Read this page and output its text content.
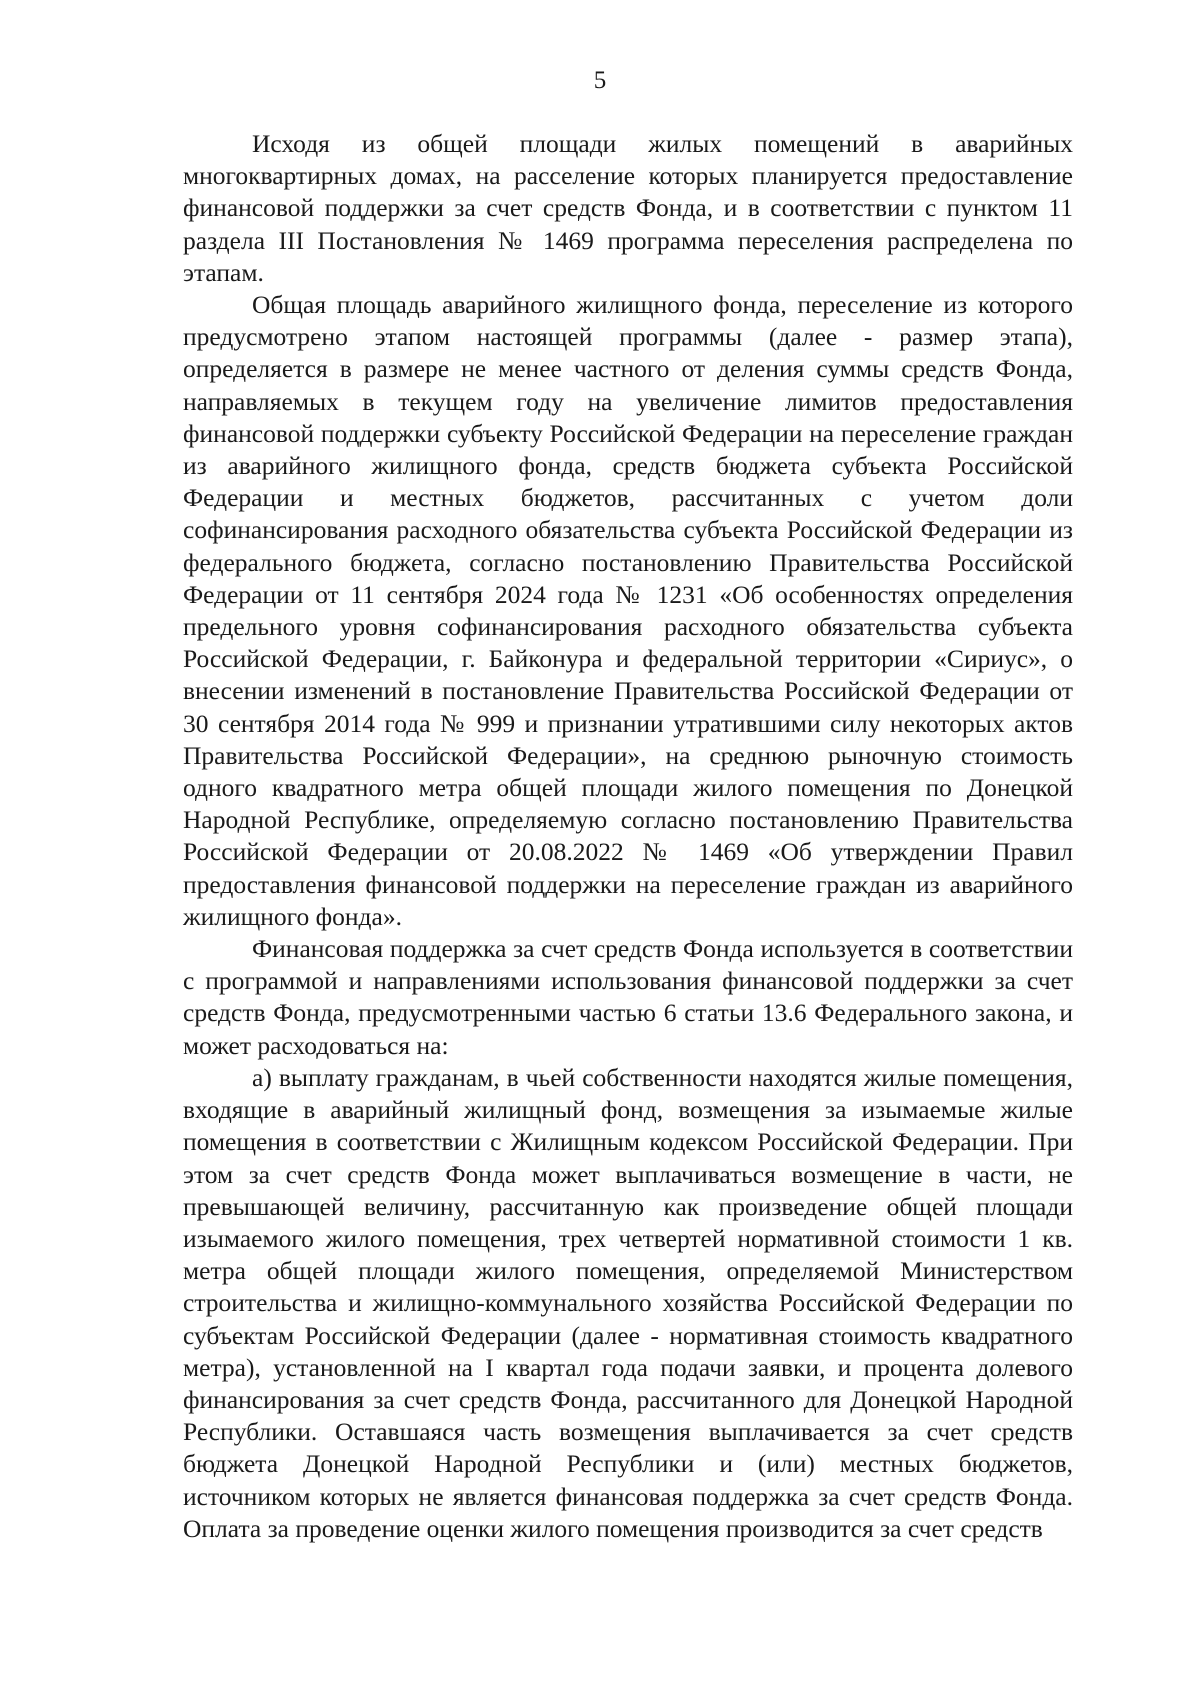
5

Исходя из общей площади жилых помещений в аварийных многоквартирных домах, на расселение которых планируется предоставление финансовой поддержки за счет средств Фонда, и в соответствии с пунктом 11 раздела III Постановления № 1469 программа переселения распределена по этапам.

Общая площадь аварийного жилищного фонда, переселение из которого предусмотрено этапом настоящей программы (далее - размер этапа), определяется в размере не менее частного от деления суммы средств Фонда, направляемых в текущем году на увеличение лимитов предоставления финансовой поддержки субъекту Российской Федерации на переселение граждан из аварийного жилищного фонда, средств бюджета субъекта Российской Федерации и местных бюджетов, рассчитанных с учетом доли софинансирования расходного обязательства субъекта Российской Федерации из федерального бюджета, согласно постановлению Правительства Российской Федерации от 11 сентября 2024 года № 1231 «Об особенностях определения предельного уровня софинансирования расходного обязательства субъекта Российской Федерации, г. Байконура и федеральной территории «Сириус», о внесении изменений в постановление Правительства Российской Федерации от 30 сентября 2014 года № 999 и признании утратившими силу некоторых актов Правительства Российской Федерации», на среднюю рыночную стоимость одного квадратного метра общей площади жилого помещения по Донецкой Народной Республике, определяемую согласно постановлению Правительства Российской Федерации от 20.08.2022 № 1469 «Об утверждении Правил предоставления финансовой поддержки на переселение граждан из аварийного жилищного фонда».

Финансовая поддержка за счет средств Фонда используется в соответствии с программой и направлениями использования финансовой поддержки за счет средств Фонда, предусмотренными частью 6 статьи 13.6 Федерального закона, и может расходоваться на:

а) выплату гражданам, в чьей собственности находятся жилые помещения, входящие в аварийный жилищный фонд, возмещения за изымаемые жилые помещения в соответствии с Жилищным кодексом Российской Федерации. При этом за счет средств Фонда может выплачиваться возмещение в части, не превышающей величину, рассчитанную как произведение общей площади изымаемого жилого помещения, трех четвертей нормативной стоимости 1 кв. метра общей площади жилого помещения, определяемой Министерством строительства и жилищно-коммунального хозяйства Российской Федерации по субъектам Российской Федерации (далее - нормативная стоимость квадратного метра), установленной на I квартал года подачи заявки, и процента долевого финансирования за счет средств Фонда, рассчитанного для Донецкой Народной Республики. Оставшаяся часть возмещения выплачивается за счет средств бюджета Донецкой Народной Республики и (или) местных бюджетов, источником которых не является финансовая поддержка за счет средств Фонда. Оплата за проведение оценки жилого помещения производится за счет средств
